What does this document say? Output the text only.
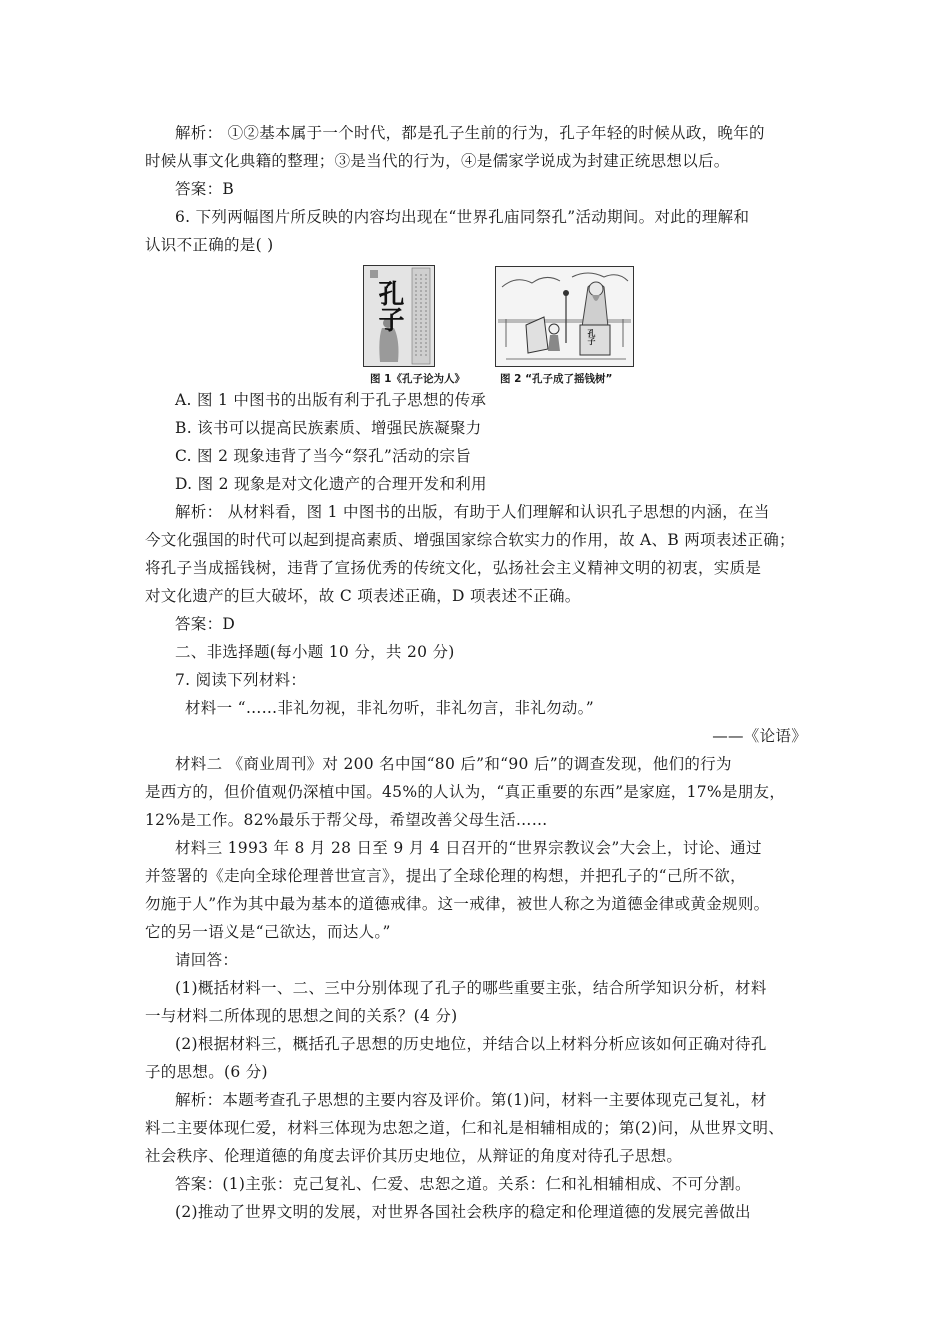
解析： ①②基本属于一个时代，都是孔子生前的行为，孔子年轻的时候从政，晚年的
时候从事文化典籍的整理；③是当代的行为，④是儒家学说成为封建正统思想以后。
答案：B
6. 下列两幅图片所反映的内容均出现在“世界孔庙同祭孔”活动期间。对此的理解和
认识不正确的是( )
孔子
孔子
图 1《孔子论为人》	图 2 “孔子成了摇钱树”
A. 图 1 中图书的出版有利于孔子思想的传承
B. 该书可以提高民族素质、增强民族凝聚力
C. 图 2 现象违背了当今“祭孔”活动的宗旨
D. 图 2 现象是对文化遗产的合理开发和利用
解析： 从材料看，图 1 中图书的出版，有助于人们理解和认识孔子思想的内涵，在当
今文化强国的时代可以起到提高素质、增强国家综合软实力的作用，故 A、B 两项表述正确；
将孔子当成摇钱树，违背了宣扬优秀的传统文化，弘扬社会主义精神文明的初衷，实质是
对文化遗产的巨大破坏，故 C 项表述正确，D 项表述不正确。
答案：D
二、非选择题(每小题 10 分，共 20 分)
7. 阅读下列材料：
材料一 “……非礼勿视，非礼勿听，非礼勿言，非礼勿动。”
——《论语》
材料二 《商业周刊》对 200 名中国“80 后”和“90 后”的调查发现，他们的行为
是西方的，但价值观仍深植中国。45%的人认为，“真正重要的东西”是家庭，17%是朋友，
12%是工作。82%最乐于帮父母，希望改善父母生活……
材料三 1993 年 8 月 28 日至 9 月 4 日召开的“世界宗教议会”大会上，讨论、通过
并签署的《走向全球伦理普世宣言》，提出了全球伦理的构想，并把孔子的“己所不欲，
勿施于人”作为其中最为基本的道德戒律。这一戒律，被世人称之为道德金律或黄金规则。
它的另一语义是“己欲达，而达人。”
请回答：
(1)概括材料一、二、三中分别体现了孔子的哪些重要主张，结合所学知识分析，材料
一与材料二所体现的思想之间的关系？(4 分)
(2)根据材料三，概括孔子思想的历史地位，并结合以上材料分析应该如何正确对待孔
子的思想。(6 分)
解析：本题考查孔子思想的主要内容及评价。第(1)问，材料一主要体现克己复礼，材
料二主要体现仁爱，材料三体现为忠恕之道，仁和礼是相辅相成的；第(2)问，从世界文明、
社会秩序、伦理道德的角度去评价其历史地位，从辩证的角度对待孔子思想。
答案：(1)主张：克己复礼、仁爱、忠恕之道。关系：仁和礼相辅相成、不可分割。
(2)推动了世界文明的发展，对世界各国社会秩序的稳定和伦理道德的发展完善做出
